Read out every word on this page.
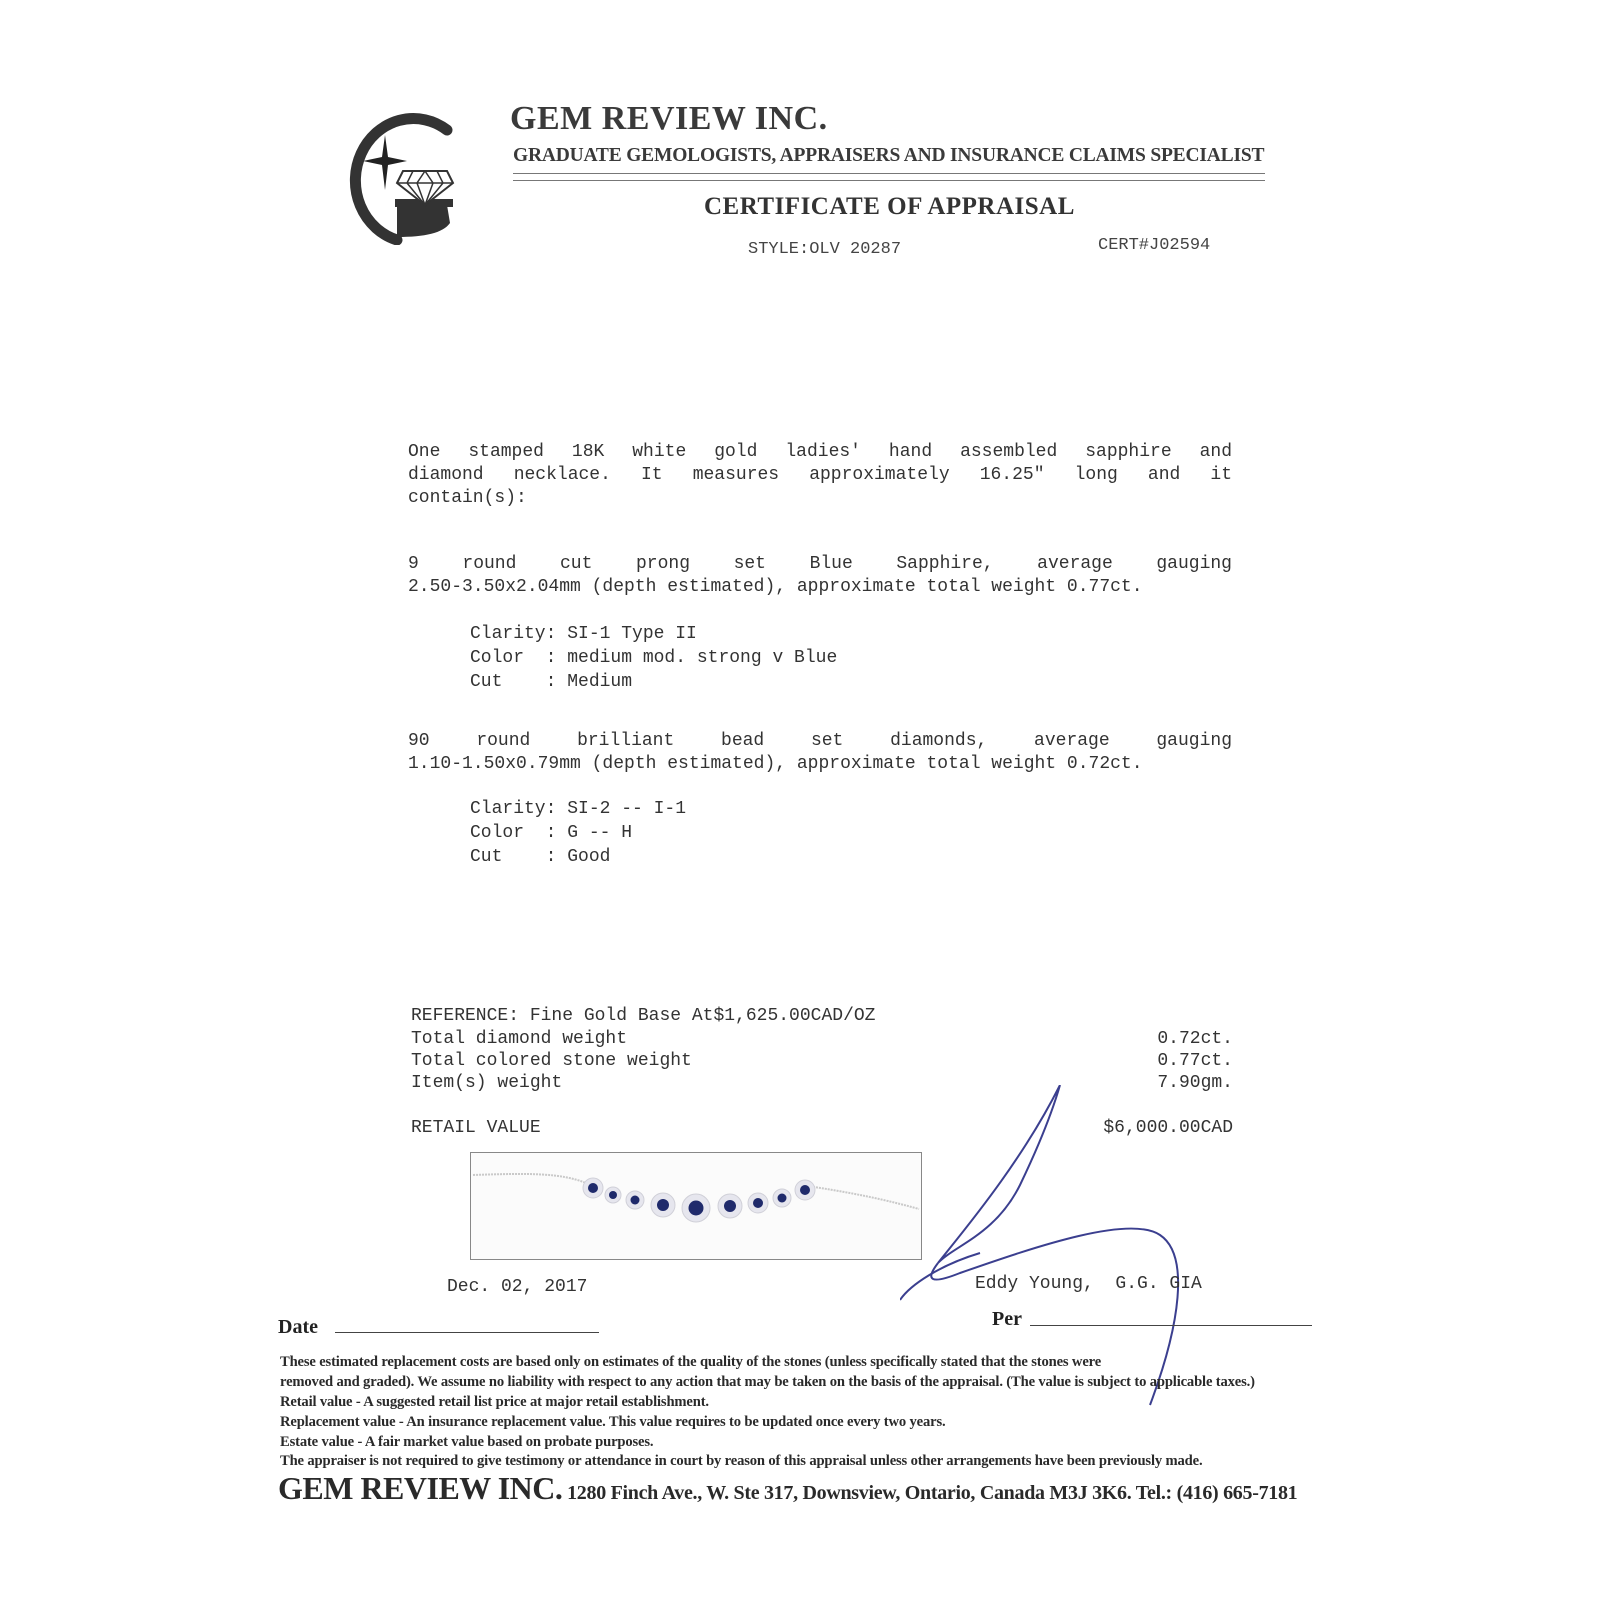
GEM REVIEW INC.
GRADUATE GEMOLOGISTS, APPRAISERS AND INSURANCE CLAIMS SPECIALIST
CERTIFICATE OF APPRAISAL
STYLE:OLV 20287	CERT#J02594
One stamped 18K white gold ladies' hand assembled sapphire and
diamond necklace. It measures approximately 16.25" long and it
contain(s):
9 round cut prong set Blue Sapphire, average gauging
2.50-3.50x2.04mm (depth estimated), approximate total weight 0.77ct.
Clarity: SI-1 Type II
Color  : medium mod. strong v Blue
Cut    : Medium
90 round brilliant bead set diamonds, average gauging
1.10-1.50x0.79mm (depth estimated), approximate total weight 0.72ct.
Clarity: SI-2 -- I-1
Color  : G -- H
Cut    : Good
REFERENCE: Fine Gold Base At$1,625.00CAD/OZ
Total diamond weight	0.72ct.
Total colored stone weight	0.77ct.
Item(s) weight	7.90gm.
RETAIL VALUE	$6,000.00CAD
Dec. 02, 2017
Date
Eddy Young,  G.G. GIA
Per
These estimated replacement costs are based only on estimates of the quality of the stones (unless specifically stated that the stones were
removed and graded). We assume no liability with respect to any action that may be taken on the basis of the appraisal. (The value is subject to applicable taxes.)
Retail value - A suggested retail list price at major retail establishment.
Replacement value - An insurance replacement value. This value requires to be updated once every two years.
Estate value - A fair market value based on probate purposes.
The appraiser is not required to give testimony or attendance in court by reason of this appraisal unless other arrangements have been previously made.
GEM REVIEW INC. 1280 Finch Ave., W. Ste 317, Downsview, Ontario, Canada M3J 3K6. Tel.: (416) 665-7181
